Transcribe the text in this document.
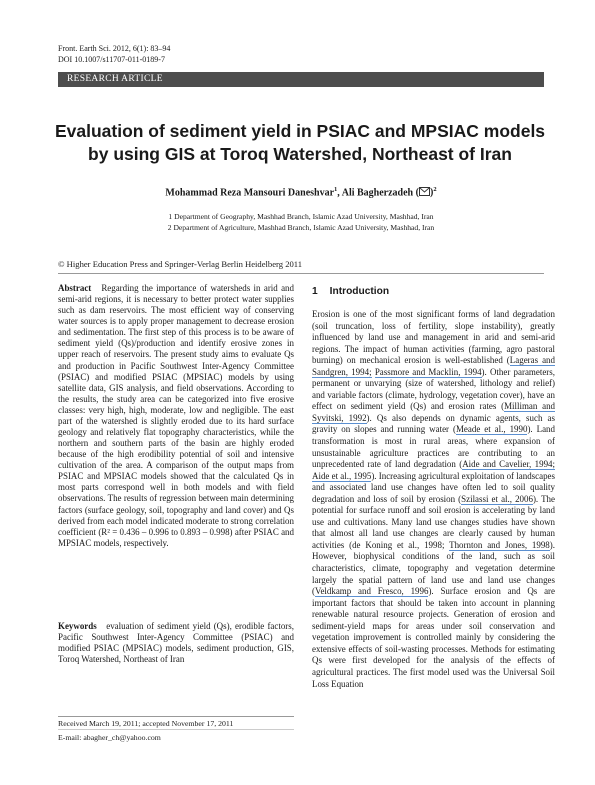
Front. Earth Sci. 2012, 6(1): 83–94
DOI 10.1007/s11707-011-0189-7
RESEARCH ARTICLE
Evaluation of sediment yield in PSIAC and MPSIAC models by using GIS at Toroq Watershed, Northeast of Iran
Mohammad Reza Mansouri Daneshvar$^1$, Ali Bagherzadeh ( )$^2$
1 Department of Geography, Mashhad Branch, Islamic Azad University, Mashhad, Iran
2 Department of Agriculture, Mashhad Branch, Islamic Azad University, Mashhad, Iran
© Higher Education Press and Springer-Verlag Berlin Heidelberg 2011
Abstract Regarding the importance of watersheds in arid and semi-arid regions, it is necessary to better protect water supplies such as dam reservoirs. The most efficient way of conserving water sources is to apply proper management to decrease erosion and sedimentation. The first step of this process is to be aware of sediment yield (Qs)/production and identify erosive zones in upper reach of reservoirs. The present study aims to evaluate Qs and production in Pacific Southwest Inter-Agency Committee (PSIAC) and modified PSIAC (MPSIAC) models by using satellite data, GIS analysis, and field observations. According to the results, the study area can be categorized into five erosive classes: very high, high, moderate, low and negligible. The east part of the watershed is slightly eroded due to its hard surface geology and relatively flat topography characteristics, while the northern and southern parts of the basin are highly eroded because of the high erodibility potential of soil and intensive cultivation of the area. A comparison of the output maps from PSIAC and MPSIAC models showed that the calculated Qs in most parts correspond well in both models and with field observations. The results of regression between main determining factors (surface geology, soil, topography and land cover) and Qs derived from each model indicated moderate to strong correlation coefficient (R² = 0.436 – 0.996 to 0.893 – 0.998) after PSIAC and MPSIAC models, respectively.
Keywords evaluation of sediment yield (Qs), erodible factors, Pacific Southwest Inter-Agency Committee (PSIAC) and modified PSIAC (MPSIAC) models, sediment production, GIS, Toroq Watershed, Northeast of Iran
Received March 19, 2011; accepted November 17, 2011
E-mail: abagher_ch@yahoo.com
1 Introduction
Erosion is one of the most significant forms of land degradation (soil truncation, loss of fertility, slope instability), greatly influenced by land use and management in arid and semi-arid regions. The impact of human activities (farming, agro pastoral burning) on mechanical erosion is well-established (Lageras and Sandgren, 1994; Passmore and Macklin, 1994). Other parameters, permanent or unvarying (size of watershed, lithology and relief) and variable factors (climate, hydrology, vegetation cover), have an effect on sediment yield (Qs) and erosion rates (Milliman and Syvitski, 1992). Qs also depends on dynamic agents, such as gravity on slopes and running water (Meade et al., 1990). Land transformation is most in rural areas, where expansion of unsustainable agriculture practices are contributing to an unprecedented rate of land degradation (Aide and Cavelier, 1994; Aide et al., 1995). Increasing agricultural exploitation of landscapes and associated land use changes have often led to soil quality degradation and loss of soil by erosion (Szilassi et al., 2006). The potential for surface runoff and soil erosion is accelerating by land use and cultivations. Many land use changes studies have shown that almost all land use changes are clearly caused by human activities (de Koning et al., 1998; Thornton and Jones, 1998). However, biophysical conditions of the land, such as soil characteristics, climate, topography and vegetation determine largely the spatial pattern of land use and land use changes (Veldkamp and Fresco, 1996). Surface erosion and Qs are important factors that should be taken into account in planning renewable natural resource projects. Generation of erosion and sediment-yield maps for areas under soil conservation and vegetation improvement is controlled mainly by considering the extensive effects of soil-wasting processes. Methods for estimating Qs were first developed for the analysis of the effects of agricultural practices. The first model used was the Universal Soil Loss Equation
